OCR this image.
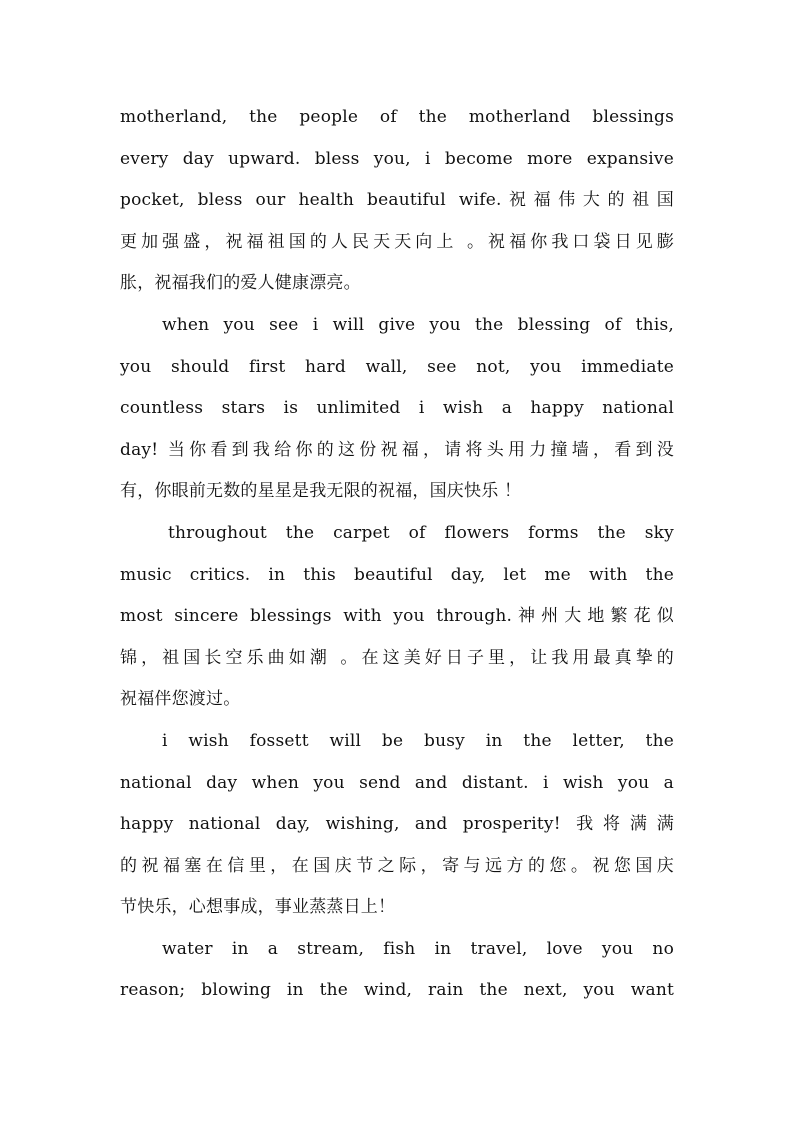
motherland, the people of the motherland blessings
every day upward. bless you, i become more expansive
pocket, bless our health beautiful wife.祝福伟大的祖国
更加强盛，祝福祖国的人民天天向上 。祝福你我口袋日见膨
胀，祝福我们的爱人健康漂亮。
when you see i will give you the blessing of this,
you should first hard wall, see not, you immediate
countless stars is unlimited i wish a happy national
day! 当你看到我给你的这份祝福，请将头用力撞墙，看到没
有，你眼前无数的星星是我无限的祝福，国庆快乐 ！
throughout the carpet of flowers forms the sky
music critics. in this beautiful day, let me with the
most sincere blessings with you through.神州大地繁花似
锦，祖国长空乐曲如潮 。在这美好日子里，让我用最真挚的
祝福伴您渡过。
i wish fossett will be busy in the letter, the
national day when you send and distant. i wish you a
happy national day, wishing, and prosperity! 我将满满
的祝福塞在信里，在国庆节之际，寄与远方的您。祝您国庆
节快乐，心想事成，事业蒸蒸日上！
water in a stream, fish in travel, love you no
reason; blowing in the wind, rain the next, you want
